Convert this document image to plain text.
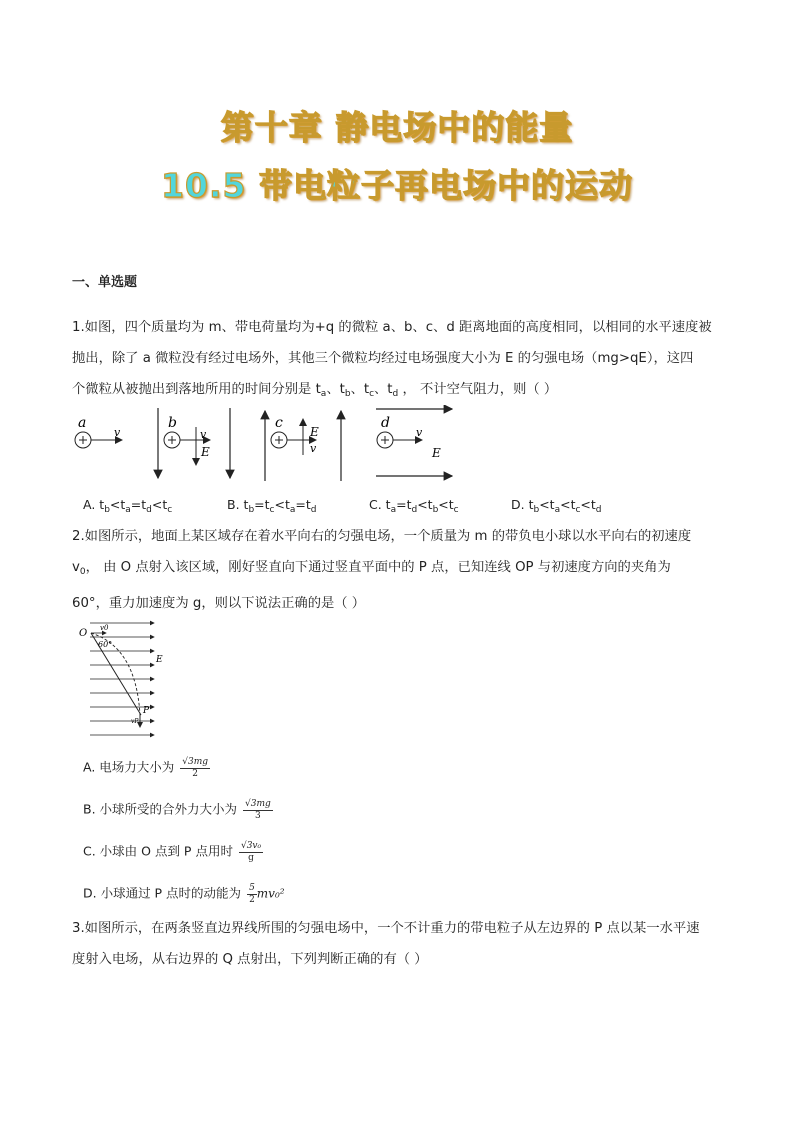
第十章 静电场中的能量
10.5 带电粒子再电场中的运动
一、单选题
1.如图，四个质量均为 m、带电荷量均为+q 的微粒 a、b、c、d 距离地面的高度相同，以相同的水平速度被
抛出，除了 a 微粒没有经过电场外，其他三个微粒均经过电场强度大小为 E 的匀强电场（mg>qE），这四
个微粒从被抛出到落地所用的时间分别是 $t_a$、$t_b$、$t_c$、$t_d$ ， 不计空气阻力，则（ ）
a
v
b
v
E
c
E
v
d
v
E
A. $t_b<t_a=t_d<t_c$	B. $t_b=t_c<t_a=t_d$	C. $t_a=t_d<t_b<t_c$	D. $t_b<t_a<t_c<t_d$
2.如图所示，地面上某区域存在着水平向右的匀强电场，一个质量为 m 的带负电小球以水平向右的初速度
$v_0$， 由 O 点射入该区域，刚好竖直向下通过竖直平面中的 P 点，已知连线 OP 与初速度方向的夹角为
60°，重力加速度为 g，则以下说法正确的是（ ）
O v0
60°
E
P
vP
A. 电场力大小为 $\frac{√3mg}{2}$
B. 小球所受的合外力大小为 $\frac{√3mg}{3}$
C. 小球由 O 点到 P 点用时 $\frac{\text{√3v₀}}{g}$
D. 小球通过 P 点时的动能为 $\frac{5}{2} mv_0^2$
3.如图所示，在两条竖直边界线所围的匀强电场中，一个不计重力的带电粒子从左边界的 P 点以某一水平速
度射入电场，从右边界的 Q 点射出，下列判断正确的有（ ）
